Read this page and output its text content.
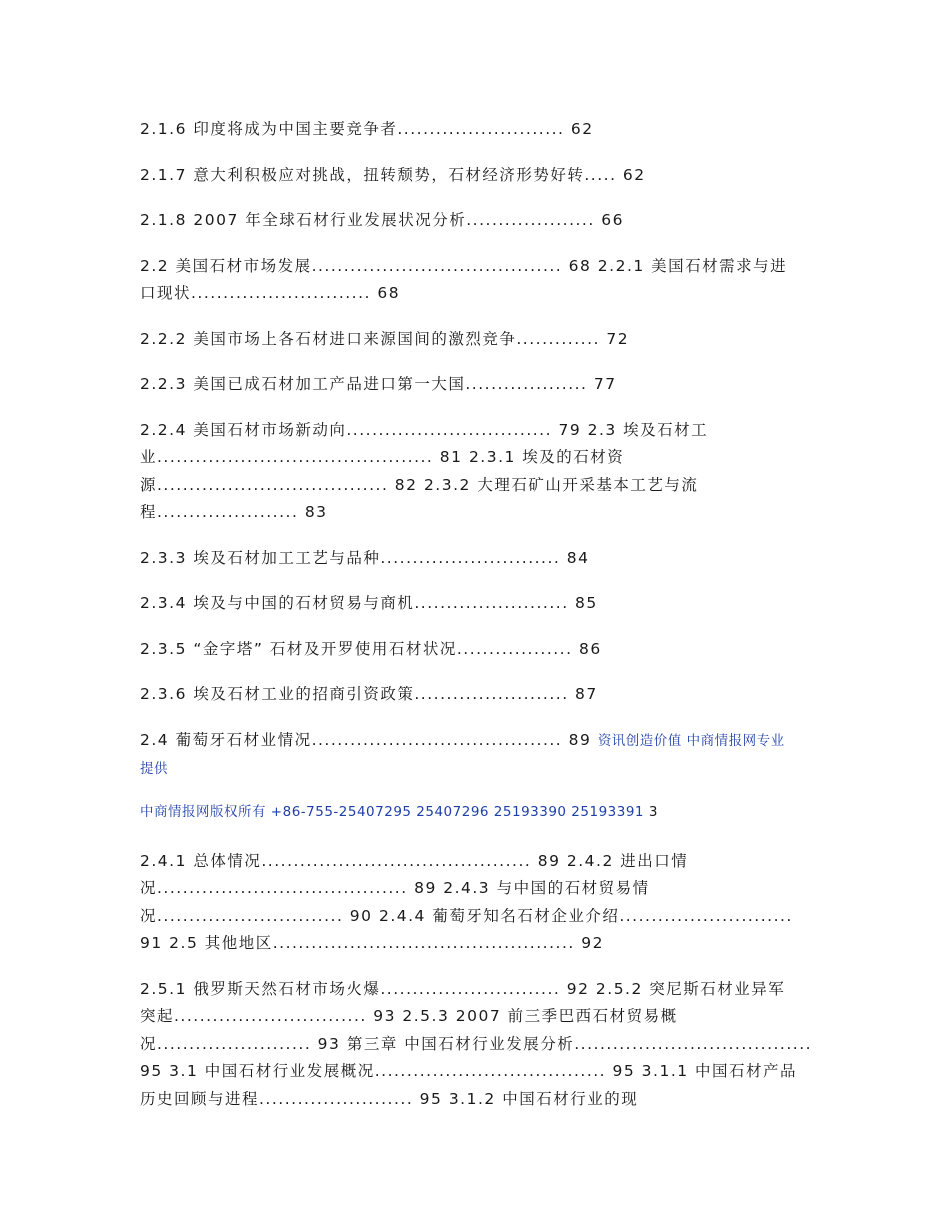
2.1.6 印度将成为中国主要竞争者.......................... 62

2.1.7 意大利积极应对挑战，扭转颓势，石材经济形势好转..... 62

2.1.8 2007 年全球石材行业发展状况分析.................... 66

2.2 美国石材市场发展....................................... 68 2.2.1 美国石材需求与进
口现状............................ 68

2.2.2 美国市场上各石材进口来源国间的激烈竞争............. 72

2.2.3 美国已成石材加工产品进口第一大国................... 77

2.2.4 美国石材市场新动向................................ 79 2.3 埃及石材工
业........................................... 81 2.3.1 埃及的石材资
源.................................... 82 2.3.2 大理石矿山开采基本工艺与流
程...................... 83

2.3.3 埃及石材加工工艺与品种............................ 84

2.3.4 埃及与中国的石材贸易与商机........................ 85

2.3.5 “金字塔” 石材及开罗使用石材状况.................. 86

2.3.6 埃及石材工业的招商引资政策........................ 87

2.4 葡萄牙石材业情况....................................... 89 资讯创造价值 中商情报网专业
提供

中商情报网版权所有 +86-755-25407295 25407296 25193390 25193391 3

2.4.1 总体情况.......................................... 89 2.4.2 进出口情
况....................................... 89 2.4.3 与中国的石材贸易情
况............................. 90 2.4.4 葡萄牙知名石材企业介绍...........................
91 2.5 其他地区............................................... 92

2.5.1 俄罗斯天然石材市场火爆............................ 92 2.5.2 突尼斯石材业异军
突起.............................. 93 2.5.3 2007 前三季巴西石材贸易概
况........................ 93 第三章 中国石材行业发展分析.....................................
95 3.1 中国石材行业发展概况.................................... 95 3.1.1 中国石材产品
历史回顾与进程........................ 95 3.1.2 中国石材行业的现
